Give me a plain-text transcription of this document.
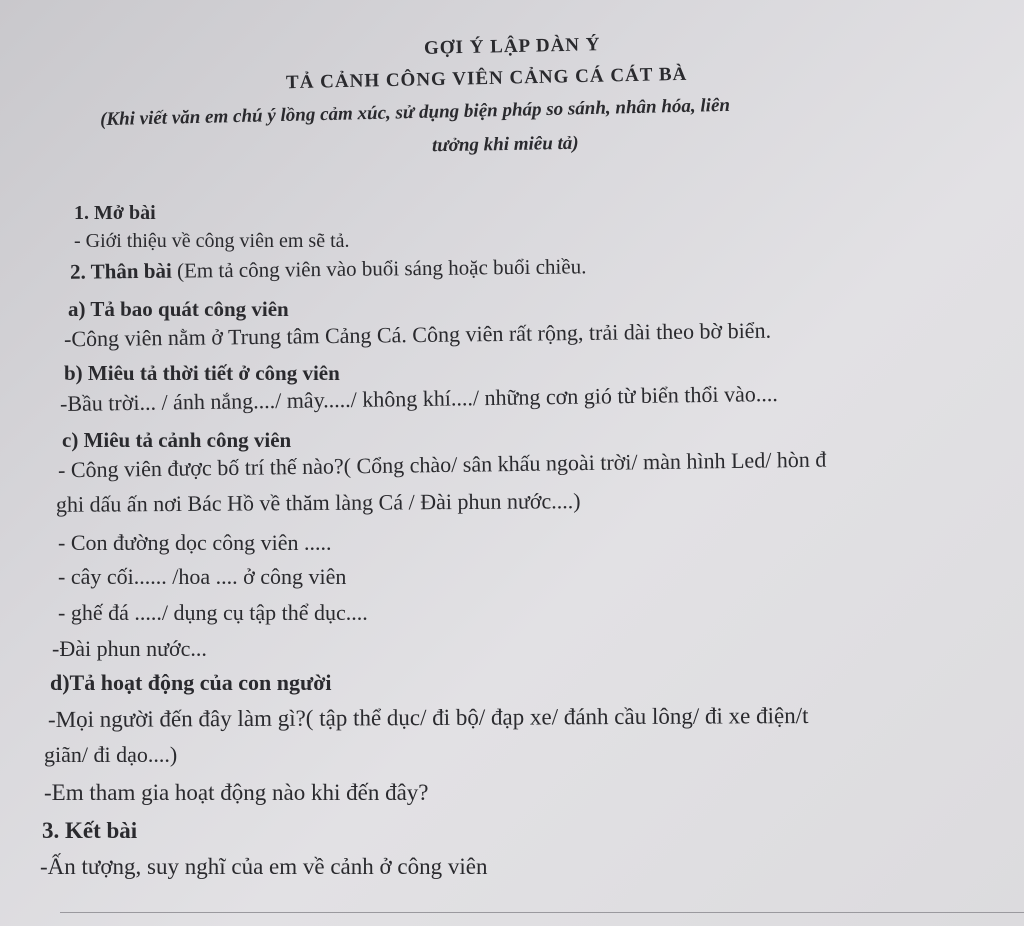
GỢI Ý LẬP DÀN Ý
TẢ CẢNH CÔNG VIÊN CẢNG CÁ CÁT BÀ
(Khi viết văn em chú ý lồng cảm xúc, sử dụng biện pháp so sánh, nhân hóa, liên
tưởng khi miêu tả)
1. Mở bài
- Giới thiệu về công viên em sẽ tả.
2. Thân bài (Em tả công viên vào buổi sáng hoặc buổi chiều.
a) Tả bao quát công viên
-Công viên nằm ở Trung tâm Cảng Cá. Công viên rất rộng, trải dài theo bờ biển.
b) Miêu tả thời tiết ở công viên
-Bầu trời... / ánh nắng..../ mây...../ không khí..../ những cơn gió từ biển thổi vào....
c) Miêu tả cảnh công viên
- Công viên được bố trí thế nào?( Cổng chào/ sân khấu ngoài trời/ màn hình Led/ hòn đ
ghi dấu ấn nơi Bác Hồ về thăm làng Cá / Đài phun nước....)
- Con đường dọc công viên .....
- cây cối...... /hoa .... ở công viên
- ghế đá ...../ dụng cụ tập thể dục....
-Đài phun nước...
d)Tả hoạt động của con người
-Mọi người đến đây làm gì?( tập thể dục/ đi bộ/ đạp xe/ đánh cầu lông/ đi xe điện/t
giãn/ đi dạo....)
-Em tham gia hoạt động nào khi đến đây?
3. Kết bài
-Ấn tượng, suy nghĩ của em về cảnh ở công viên
